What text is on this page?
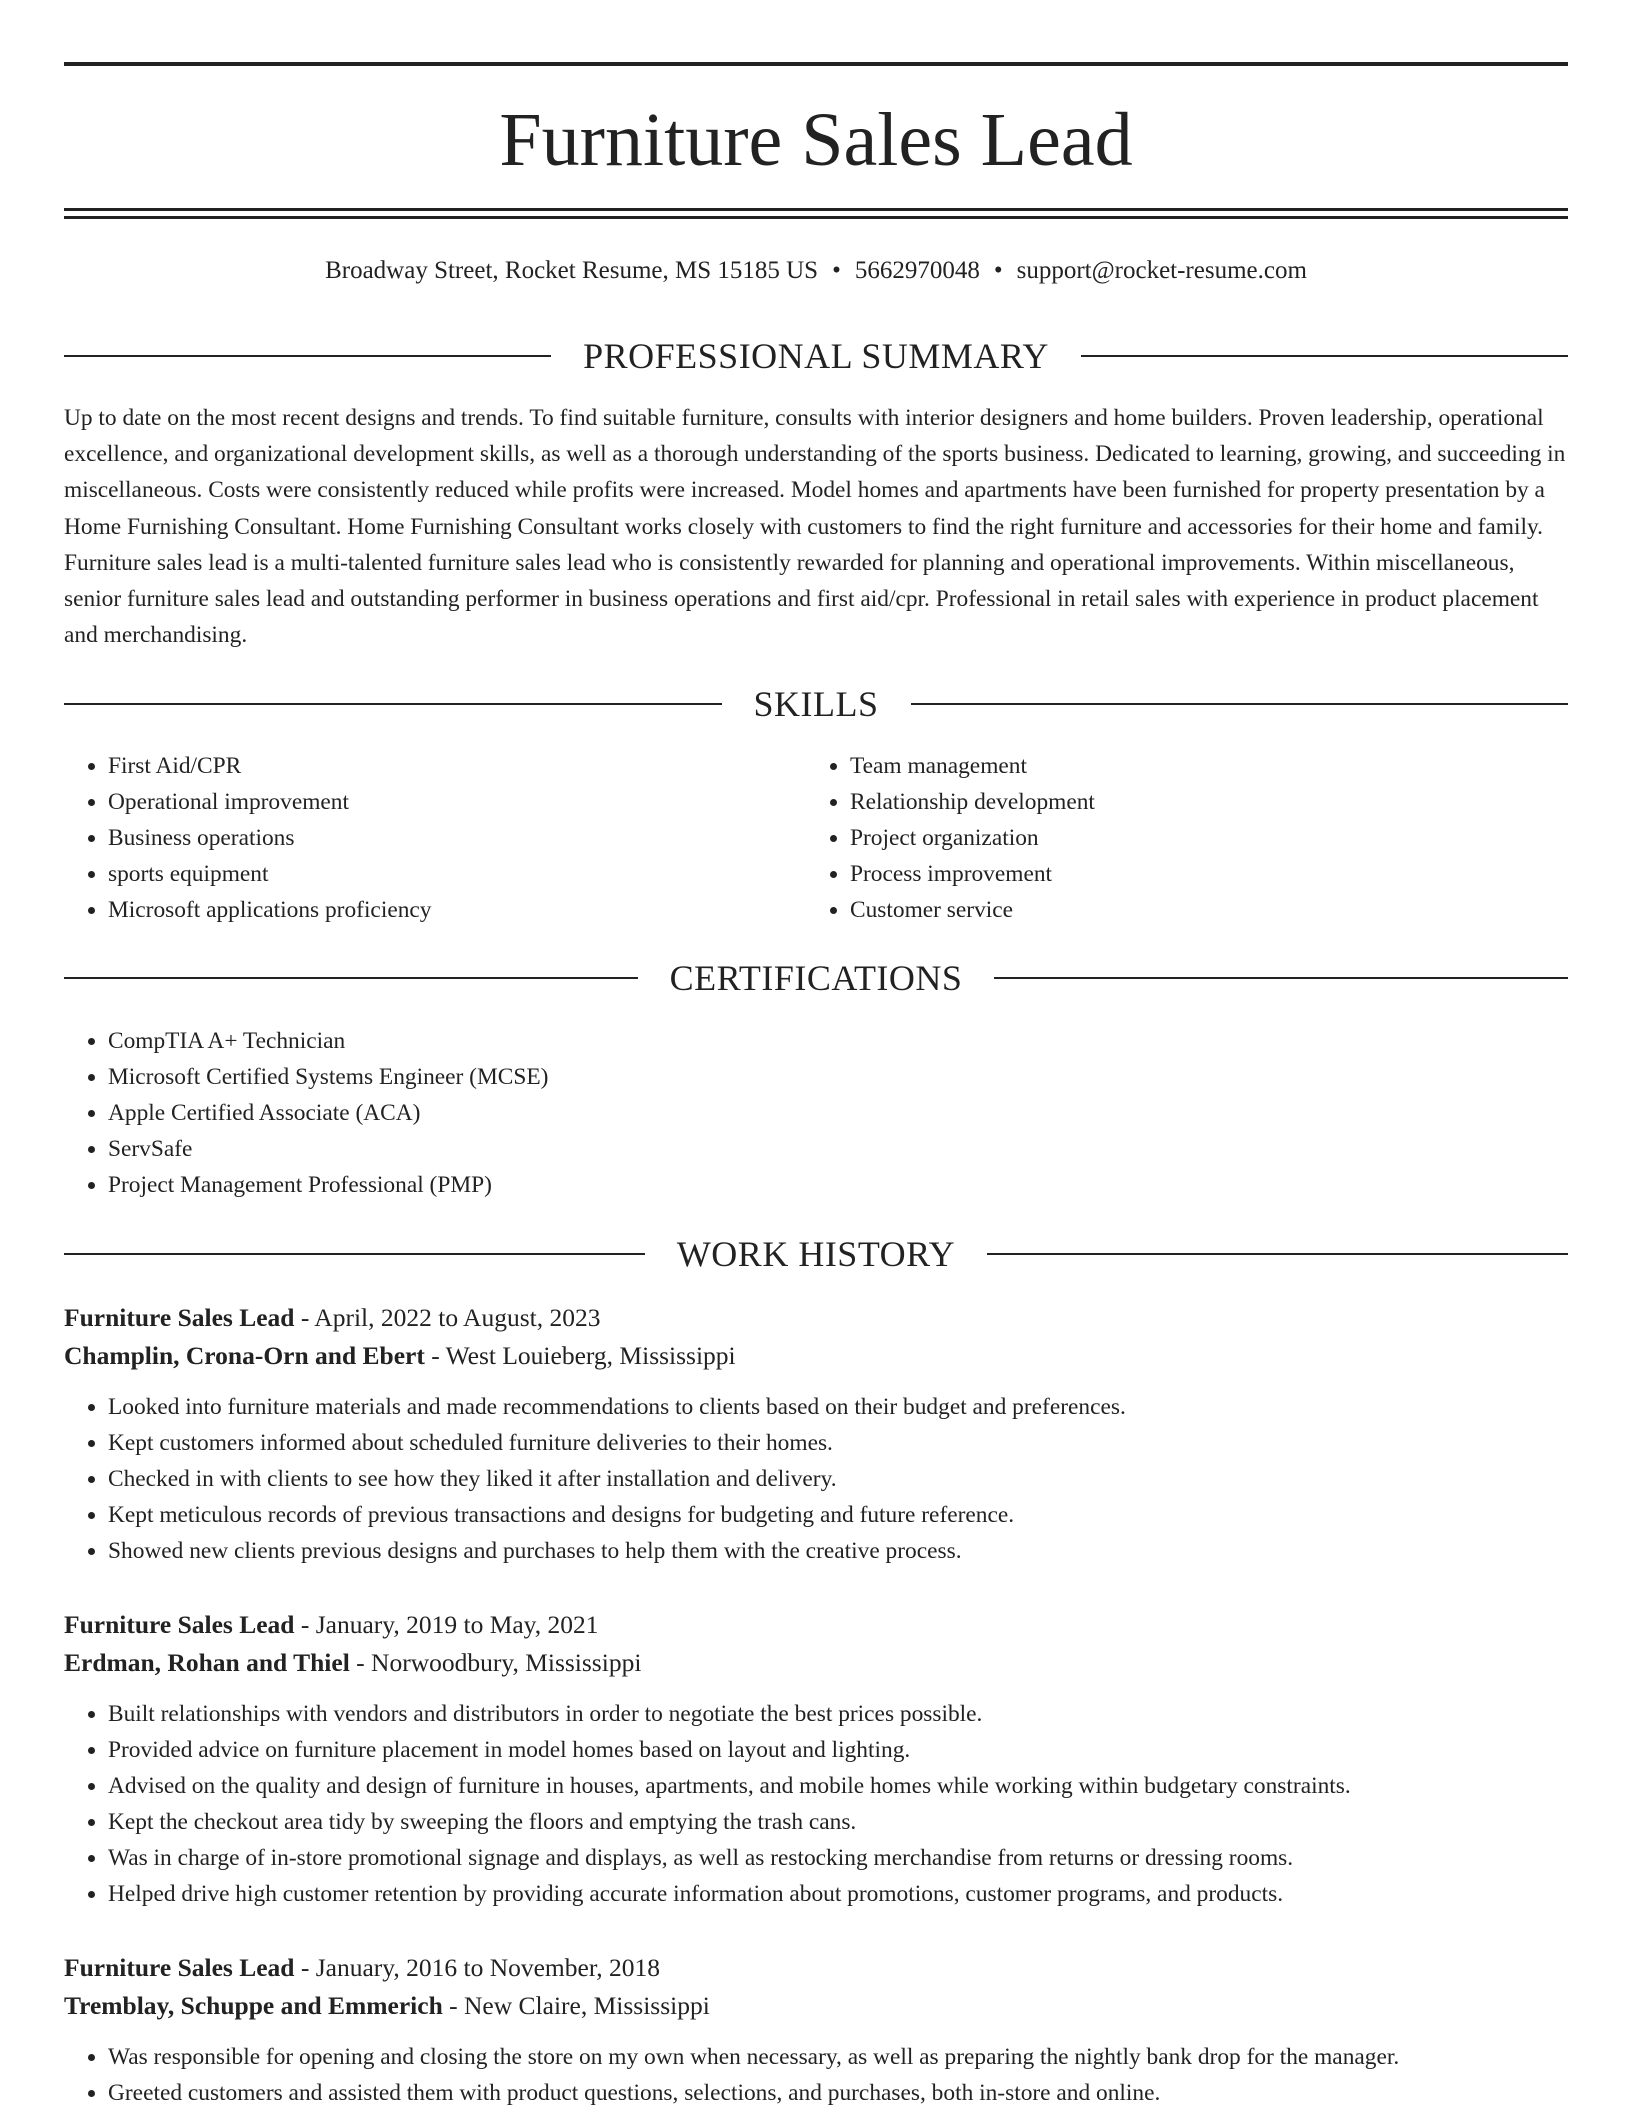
Furniture Sales Lead
Broadway Street, Rocket Resume, MS 15185 US • 5662970048 • support@rocket-resume.com
PROFESSIONAL SUMMARY

Up to date on the most recent designs and trends. To find suitable furniture, consults with interior designers and home builders. Proven leadership, operational excellence, and organizational development skills, as well as a thorough understanding of the sports business. Dedicated to learning, growing, and succeeding in miscellaneous. Costs were consistently reduced while profits were increased. Model homes and apartments have been furnished for property presentation by a Home Furnishing Consultant. Home Furnishing Consultant works closely with customers to find the right furniture and accessories for their home and family. Furniture sales lead is a multi-talented furniture sales lead who is consistently rewarded for planning and operational improvements. Within miscellaneous, senior furniture sales lead and outstanding performer in business operations and first aid/cpr. Professional in retail sales with experience in product placement and merchandising.

SKILLS
• First Aid/CPR
• Operational improvement
• Business operations
• sports equipment
• Microsoft applications proficiency
• Team management
• Relationship development
• Project organization
• Process improvement
• Customer service
CERTIFICATIONS
• CompTIA A+ Technician
• Microsoft Certified Systems Engineer (MCSE)
• Apple Certified Associate (ACA)
• ServSafe
• Project Management Professional (PMP)
WORK HISTORY
Furniture Sales Lead - April, 2022 to August, 2023
Champlin, Crona-Orn and Ebert - West Louieberg, Mississippi
• Looked into furniture materials and made recommendations to clients based on their budget and preferences.
• Kept customers informed about scheduled furniture deliveries to their homes.
• Checked in with clients to see how they liked it after installation and delivery.
• Kept meticulous records of previous transactions and designs for budgeting and future reference.
• Showed new clients previous designs and purchases to help them with the creative process.
Furniture Sales Lead - January, 2019 to May, 2021
Erdman, Rohan and Thiel - Norwoodbury, Mississippi
• Built relationships with vendors and distributors in order to negotiate the best prices possible.
• Provided advice on furniture placement in model homes based on layout and lighting.
• Advised on the quality and design of furniture in houses, apartments, and mobile homes while working within budgetary constraints.
• Kept the checkout area tidy by sweeping the floors and emptying the trash cans.
• Was in charge of in-store promotional signage and displays, as well as restocking merchandise from returns or dressing rooms.
• Helped drive high customer retention by providing accurate information about promotions, customer programs, and products.
Furniture Sales Lead - January, 2016 to November, 2018
Tremblay, Schuppe and Emmerich - New Claire, Mississippi
• Was responsible for opening and closing the store on my own when necessary, as well as preparing the nightly bank drop for the manager.
• Greeted customers and assisted them with product questions, selections, and purchases, both in-store and online.
